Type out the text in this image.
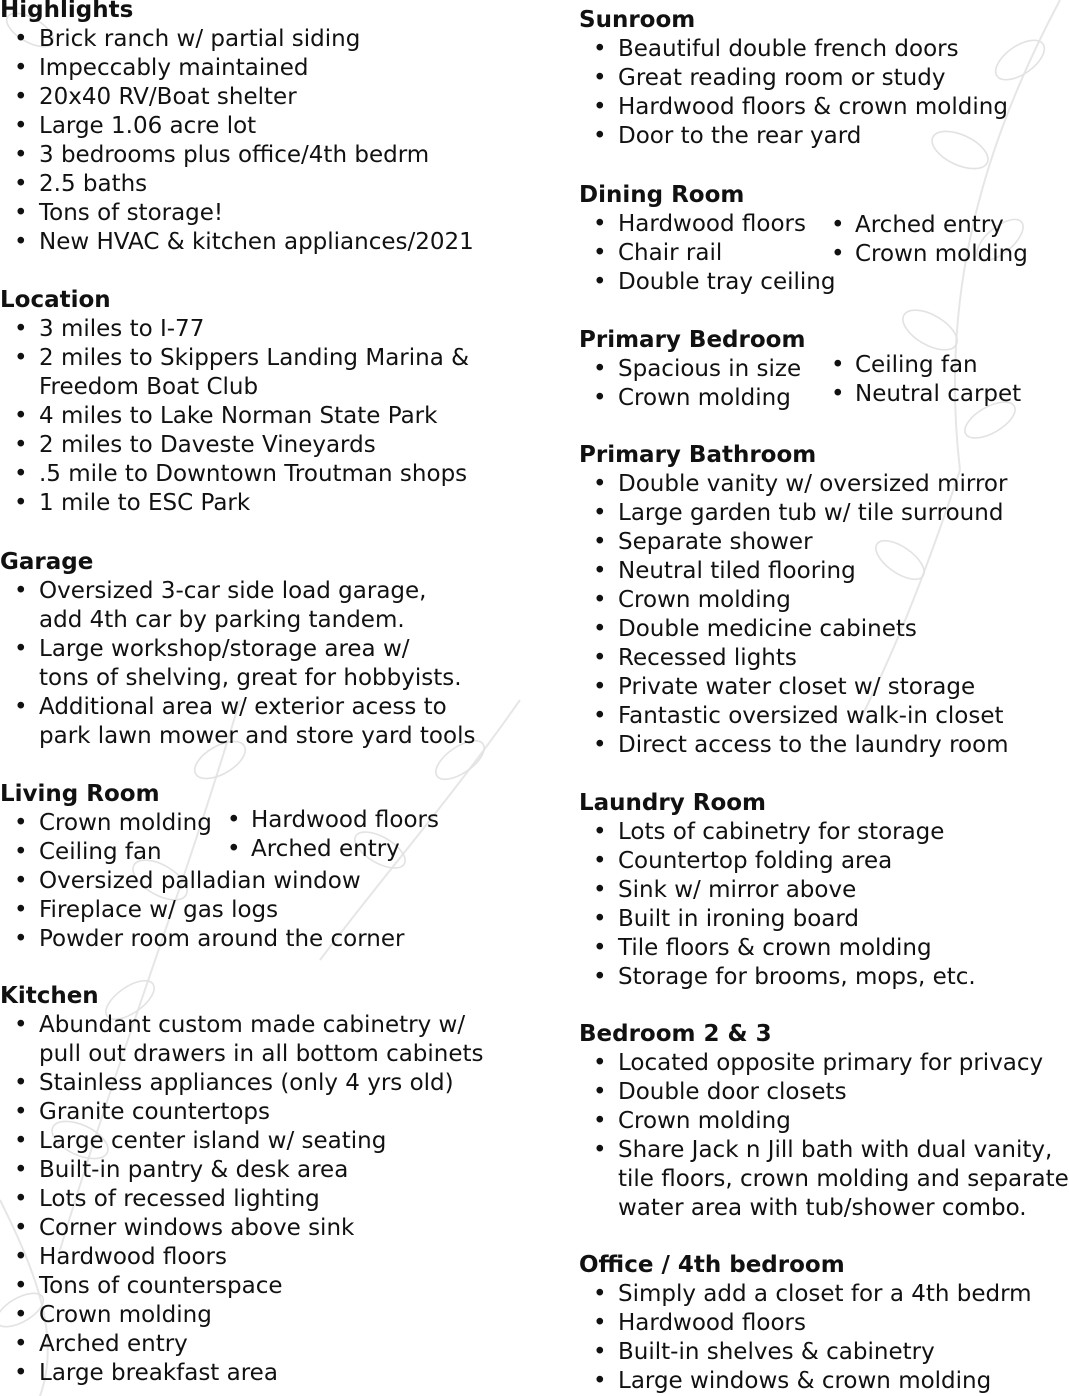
Highlights
• Brick ranch w/ partial siding
• Impeccably maintained
• 20x40 RV/Boat shelter
• Large 1.06 acre lot
• 3 bedrooms plus office/4th bedrm
• 2.5 baths
• Tons of storage!
• New HVAC & kitchen appliances/2021
Location
• 3 miles to I-77
• 2 miles to Skippers Landing Marina &
Freedom Boat Club
• 4 miles to Lake Norman State Park
• 2 miles to Daveste Vineyards
• .5 mile to Downtown Troutman shops
• 1 mile to ESC Park
Garage
• Oversized 3-car side load garage,
add 4th car by parking tandem.
• Large workshop/storage area w/
tons of shelving, great for hobbyists.
• Additional area w/ exterior acess to
park lawn mower and store yard tools
Living Room
• Crown molding
• Ceiling fan
• Hardwood floors
• Arched entry
• Oversized palladian window
• Fireplace w/ gas logs
• Powder room around the corner
Kitchen
• Abundant custom made cabinetry w/
pull out drawers in all bottom cabinets
• Stainless appliances (only 4 yrs old)
• Granite countertops
• Large center island w/ seating
• Built-in pantry & desk area
• Lots of recessed lighting
• Corner windows above sink
• Hardwood floors
• Tons of counterspace
• Crown molding
• Arched entry
• Large breakfast area
Sunroom
• Beautiful double french doors
• Great reading room or study
• Hardwood floors & crown molding
• Door to the rear yard
Dining Room
• Hardwood floors
• Chair rail
• Double tray ceiling
• Arched entry
• Crown molding
Primary Bedroom
• Spacious in size
• Crown molding
• Ceiling fan
• Neutral carpet
Primary Bathroom
• Double vanity w/ oversized mirror
• Large garden tub w/ tile surround
• Separate shower
• Neutral tiled flooring
• Crown molding
• Double medicine cabinets
• Recessed lights
• Private water closet w/ storage
• Fantastic oversized walk-in closet
• Direct access to the laundry room
Laundry Room
• Lots of cabinetry for storage
• Countertop folding area
• Sink w/ mirror above
• Built in ironing board
• Tile floors & crown molding
• Storage for brooms, mops, etc.
Bedroom 2 & 3
• Located opposite primary for privacy
• Double door closets
• Crown molding
• Share Jack n Jill bath with dual vanity,
tile floors, crown molding and separate
water area with tub/shower combo.
Office / 4th bedroom
• Simply add a closet for a 4th bedrm
• Hardwood floors
• Built-in shelves & cabinetry
• Large windows & crown molding
